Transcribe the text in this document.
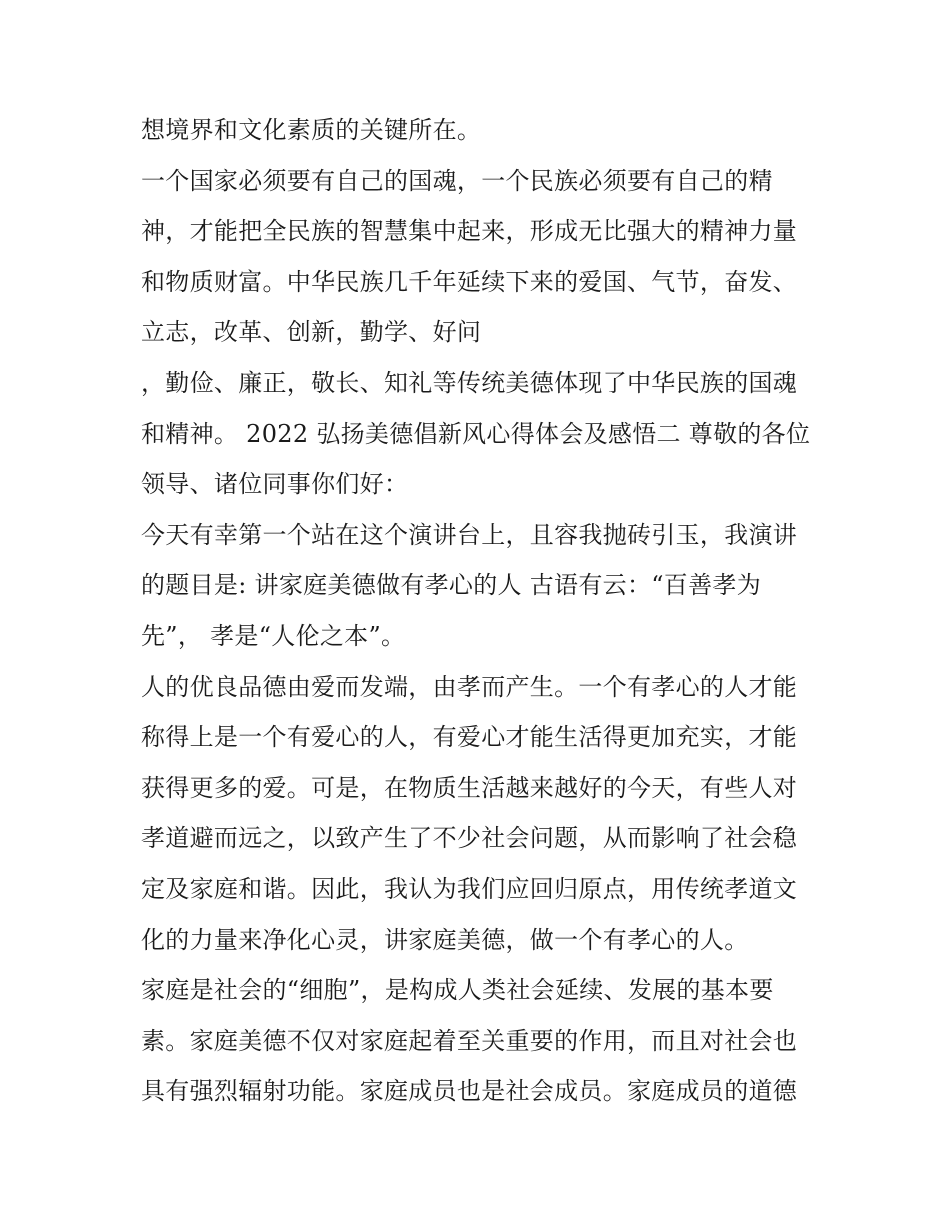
想境界和文化素质的关键所在。
一个国家必须要有自己的国魂，一个民族必须要有自己的精
神，才能把全民族的智慧集中起来，形成无比强大的精神力量
和物质财富。中华民族几千年延续下来的爱国、气节，奋发、
立志，改革、创新，勤学、好问
，勤俭、廉正，敬长、知礼等传统美德体现了中华民族的国魂
和精神。 2022 弘扬美德倡新风心得体会及感悟二 尊敬的各位
领导、诸位同事你们好：
今天有幸第一个站在这个演讲台上，且容我抛砖引玉，我演讲
的题目是: 讲家庭美德做有孝心的人 古语有云：“百善孝为
先”， 孝是“人伦之本”。
人的优良品德由爱而发端，由孝而产生。一个有孝心的人才能
称得上是一个有爱心的人，有爱心才能生活得更加充实，才能
获得更多的爱。可是，在物质生活越来越好的今天，有些人对
孝道避而远之，以致产生了不少社会问题，从而影响了社会稳
定及家庭和谐。因此，我认为我们应回归原点，用传统孝道文
化的力量来净化心灵，讲家庭美德，做一个有孝心的人。
家庭是社会的“细胞”，是构成人类社会延续、发展的基本要
素。家庭美德不仅对家庭起着至关重要的作用，而且对社会也
具有强烈辐射功能。家庭成员也是社会成员。家庭成员的道德
